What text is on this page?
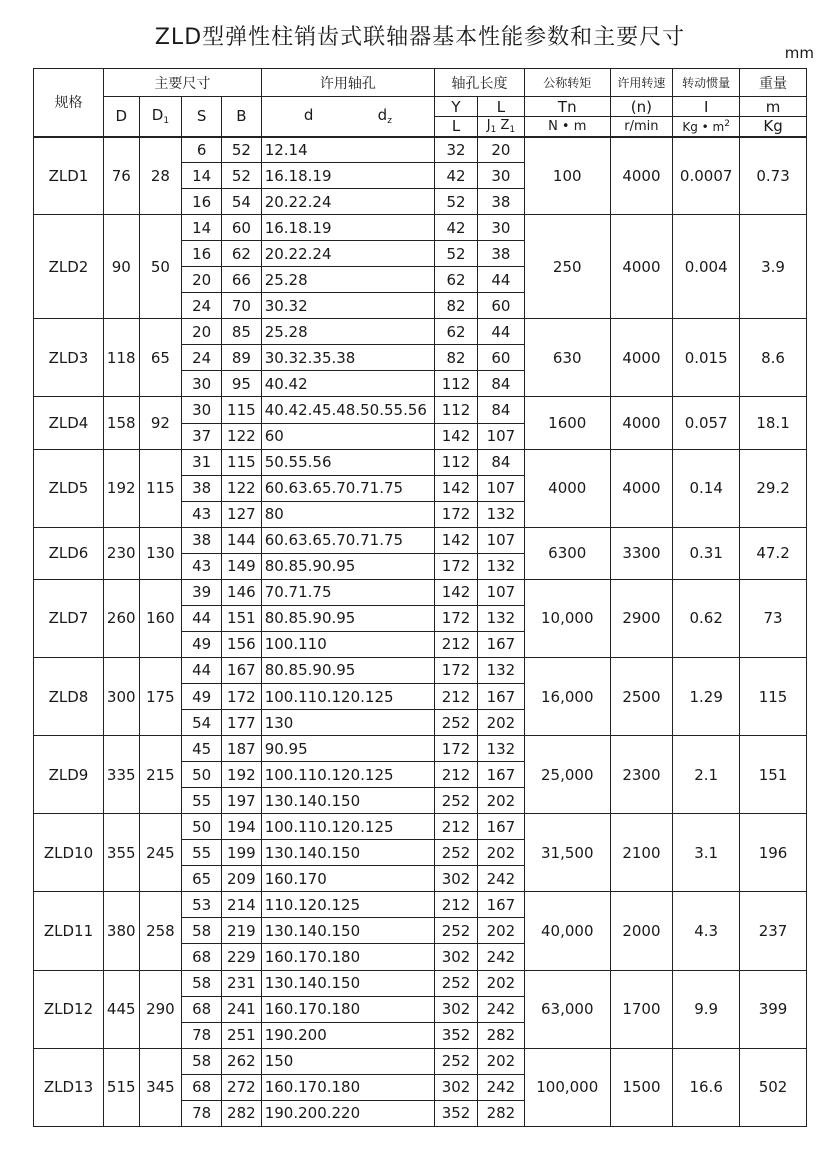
ZLD型弹性柱销齿式联轴器基本性能参数和主要尺寸
mm
规格	主要尺寸				许用轴孔	轴孔长度		公称转矩	许用转速	转动惯量	重量
	D	$D_1$	S	B	d $d_z$	Y	L	Tn	(n)	I	m
						L	$J_1$ $Z_1$	N • m	r/min	Kg • $m^2$	Kg
ZLD1	76	28	6	52	12.14	32	20	100	4000	0.0007	0.73
			14	52	16.18.19	42	30				
			16	54	20.22.24	52	38				
ZLD2	90	50	14	60	16.18.19	42	30	250	4000	0.004	3.9
			16	62	20.22.24	52	38				
			20	66	25.28	62	44				
			24	70	30.32	82	60				
ZLD3	118	65	20	85	25.28	62	44	630	4000	0.015	8.6
			24	89	30.32.35.38	82	60				
			30	95	40.42	112	84				
ZLD4	158	92	30	115	40.42.45.48.50.55.56	112	84	1600	4000	0.057	18.1
			37	122	60	142	107				
ZLD5	192	115	31	115	50.55.56	112	84	4000	4000	0.14	29.2
			38	122	60.63.65.70.71.75	142	107				
			43	127	80	172	132				
ZLD6	230	130	38	144	60.63.65.70.71.75	142	107	6300	3300	0.31	47.2
			43	149	80.85.90.95	172	132				
ZLD7	260	160	39	146	70.71.75	142	107	10,000	2900	0.62	73
			44	151	80.85.90.95	172	132				
			49	156	100.110	212	167				
ZLD8	300	175	44	167	80.85.90.95	172	132	16,000	2500	1.29	115
			49	172	100.110.120.125	212	167				
			54	177	130	252	202				
ZLD9	335	215	45	187	90.95	172	132	25,000	2300	2.1	151
			50	192	100.110.120.125	212	167				
			55	197	130.140.150	252	202				
ZLD10	355	245	50	194	100.110.120.125	212	167	31,500	2100	3.1	196
			55	199	130.140.150	252	202				
			65	209	160.170	302	242				
ZLD11	380	258	53	214	110.120.125	212	167	40,000	2000	4.3	237
			58	219	130.140.150	252	202				
			68	229	160.170.180	302	242				
ZLD12	445	290	58	231	130.140.150	252	202	63,000	1700	9.9	399
			68	241	160.170.180	302	242				
			78	251	190.200	352	282				
ZLD13	515	345	58	262	150	252	202	100,000	1500	16.6	502
			68	272	160.170.180	302	242				
			78	282	190.200.220	352	282				
